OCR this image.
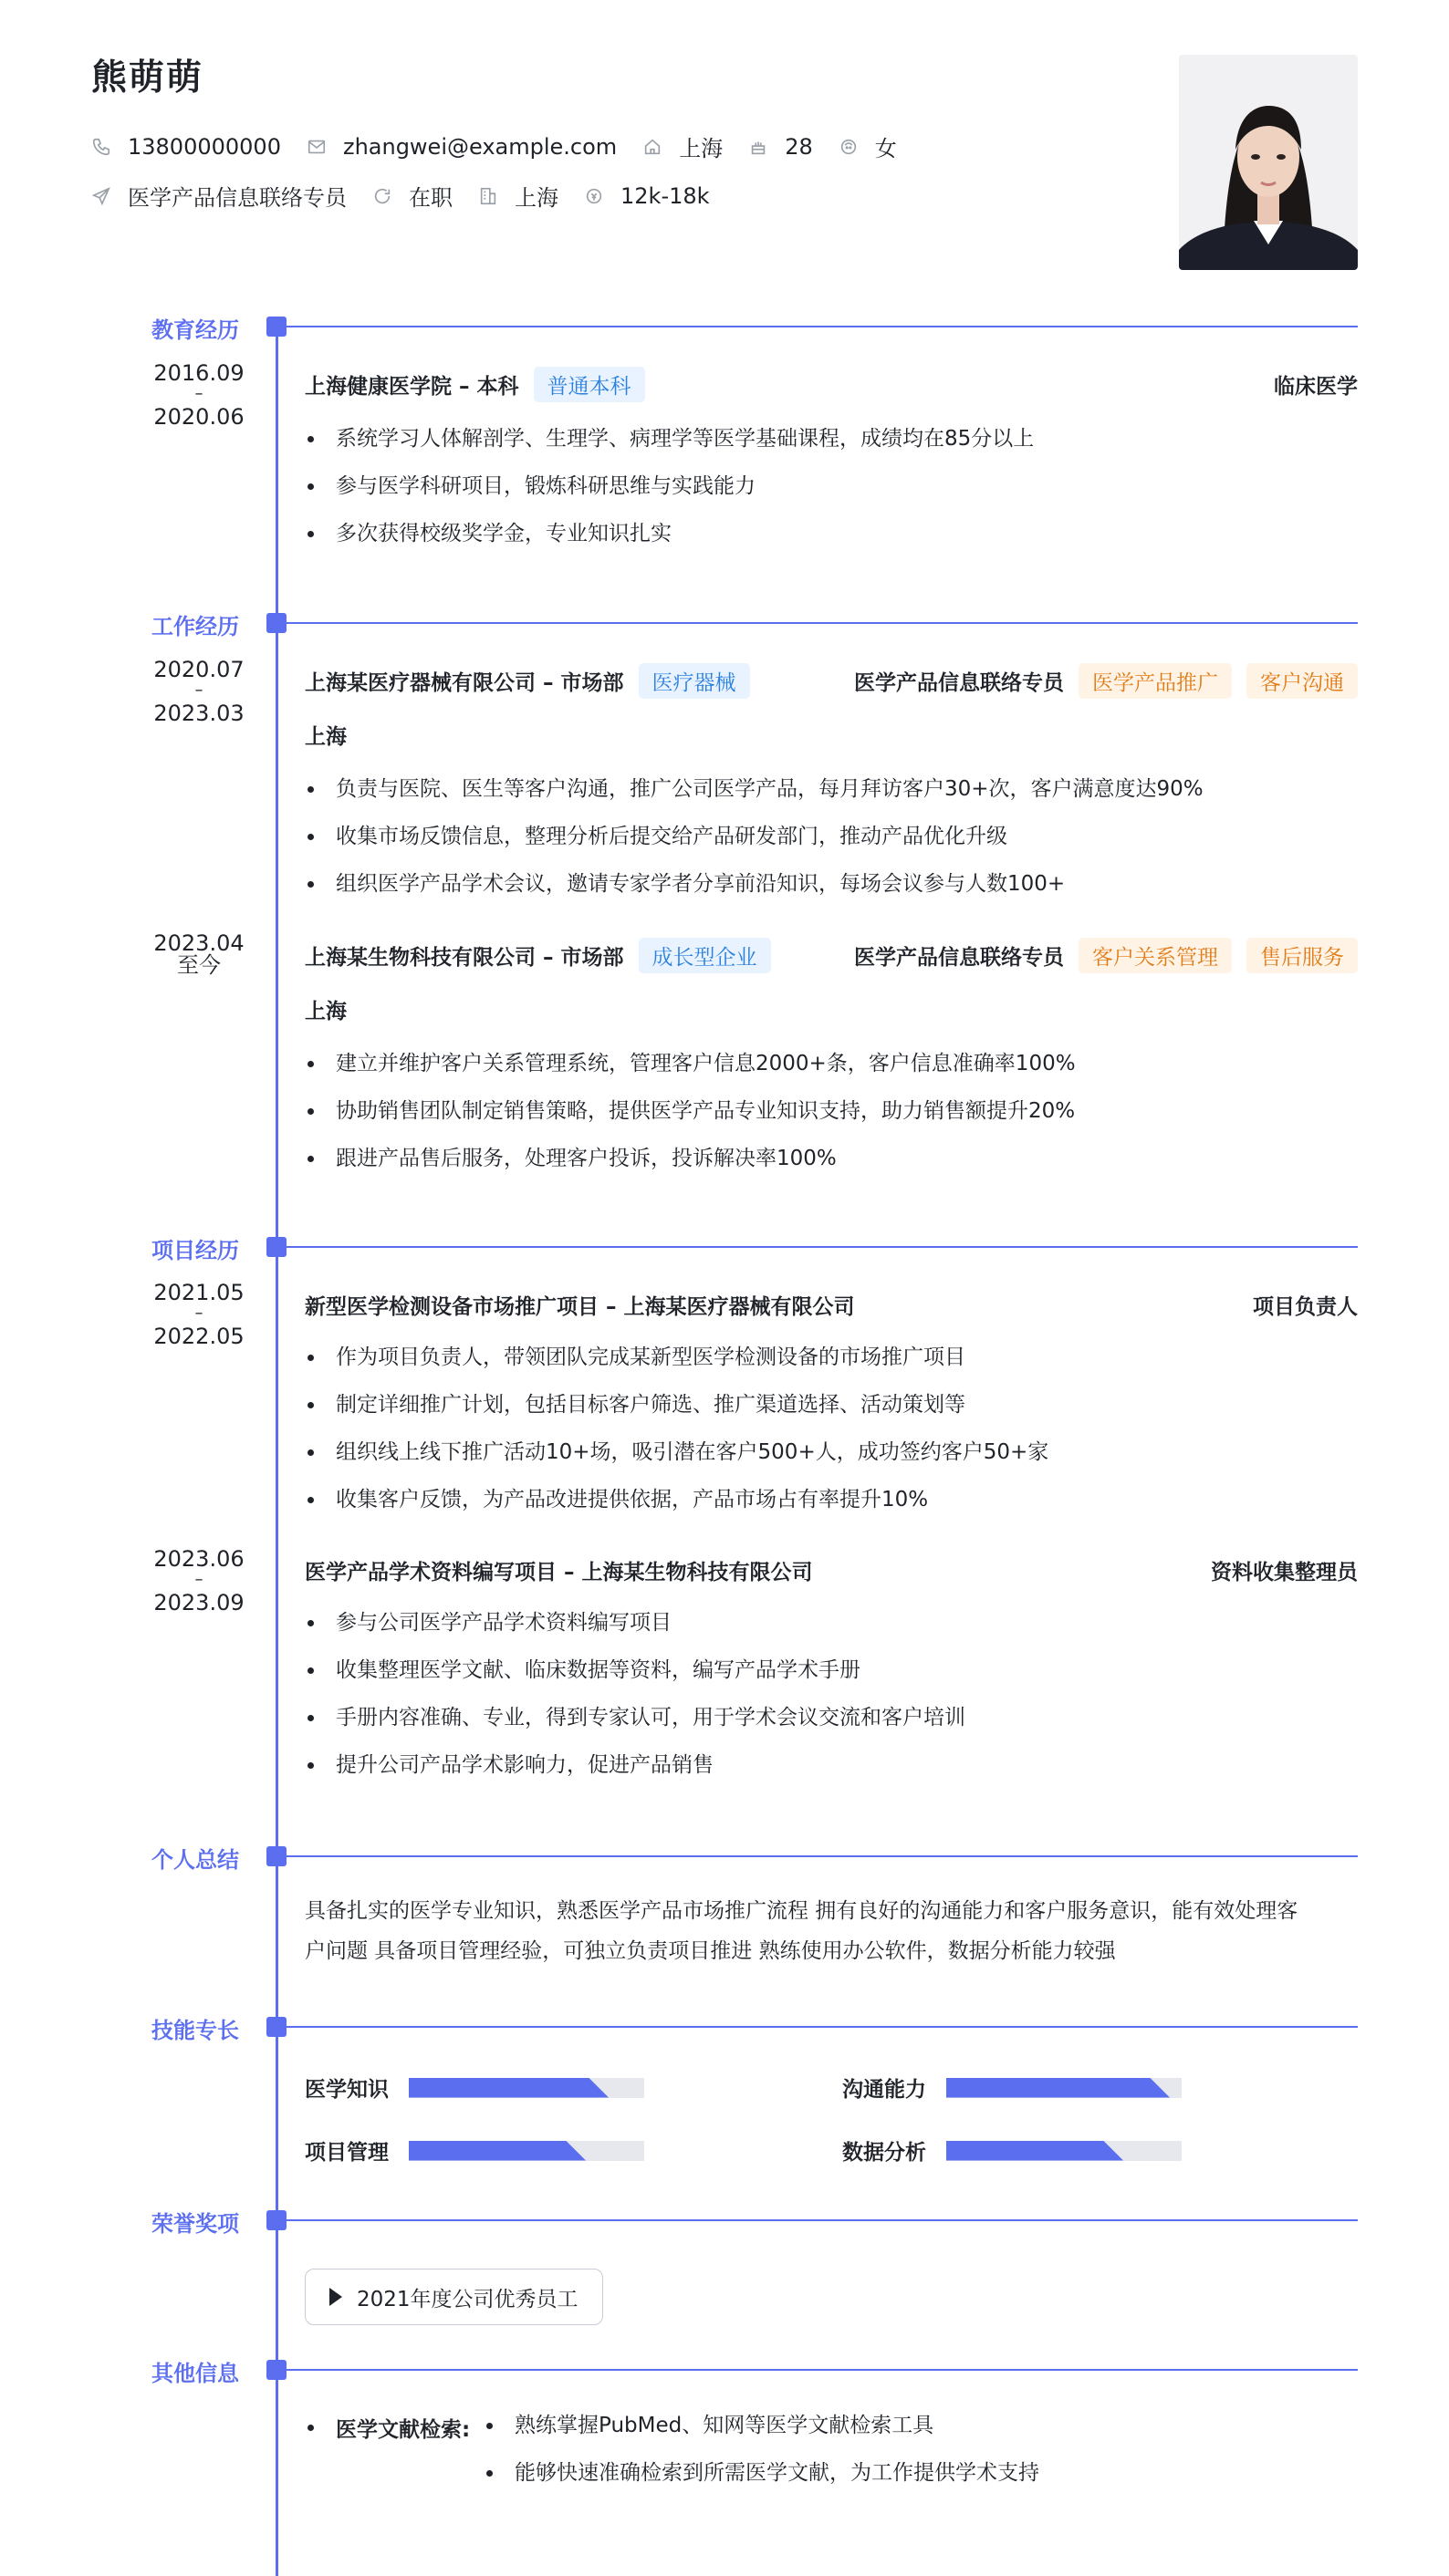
熊萌萌
13800000000	zhangwei@example.com	上海	28	女
医学产品信息联络专员	在职	上海	12k-18k
教育经历
2016.09
–
2020.06
上海健康医学院 – 本科	普通本科	临床医学
系统学习人体解剖学、生理学、病理学等医学基础课程，成绩均在85分以上
参与医学科研项目，锻炼科研思维与实践能力
多次获得校级奖学金，专业知识扎实
工作经历
2020.07
–
2023.03
上海某医疗器械有限公司 – 市场部	医疗器械	医学产品信息联络专员	医学产品推广	客户沟通
上海
负责与医院、医生等客户沟通，推广公司医学产品，每月拜访客户30+次，客户满意度达90%
收集市场反馈信息，整理分析后提交给产品研发部门，推动产品优化升级
组织医学产品学术会议，邀请专家学者分享前沿知识，每场会议参与人数100+
2023.04
至今	上海某生物科技有限公司 – 市场部	成长型企业	医学产品信息联络专员	客户关系管理	售后服务
上海
建立并维护客户关系管理系统，管理客户信息2000+条，客户信息准确率100%
协助销售团队制定销售策略，提供医学产品专业知识支持，助力销售额提升20%
跟进产品售后服务，处理客户投诉，投诉解决率100%
项目经历
2021.05
–
2022.05
新型医学检测设备市场推广项目 – 上海某医疗器械有限公司	项目负责人
作为项目负责人，带领团队完成某新型医学检测设备的市场推广项目
制定详细推广计划，包括目标客户筛选、推广渠道选择、活动策划等
组织线上线下推广活动10+场，吸引潜在客户500+人，成功签约客户50+家
收集客户反馈，为产品改进提供依据，产品市场占有率提升10%
2023.06
–
2023.09
医学产品学术资料编写项目 – 上海某生物科技有限公司	资料收集整理员
参与公司医学产品学术资料编写项目
收集整理医学文献、临床数据等资料，编写产品学术手册
手册内容准确、专业，得到专家认可，用于学术会议交流和客户培训
提升公司产品学术影响力，促进产品销售
个人总结
具备扎实的医学专业知识，熟悉医学产品市场推广流程 拥有良好的沟通能力和客户服务意识，能有效处理客
户问题 具备项目管理经验，可独立负责项目推进 熟练使用办公软件，数据分析能力较强
技能专长
医学知识	沟通能力
项目管理	数据分析
荣誉奖项
2021年度公司优秀员工
其他信息
医学文献检索:	熟练掌握PubMed、知网等医学文献检索工具
能够快速准确检索到所需医学文献，为工作提供学术支持
